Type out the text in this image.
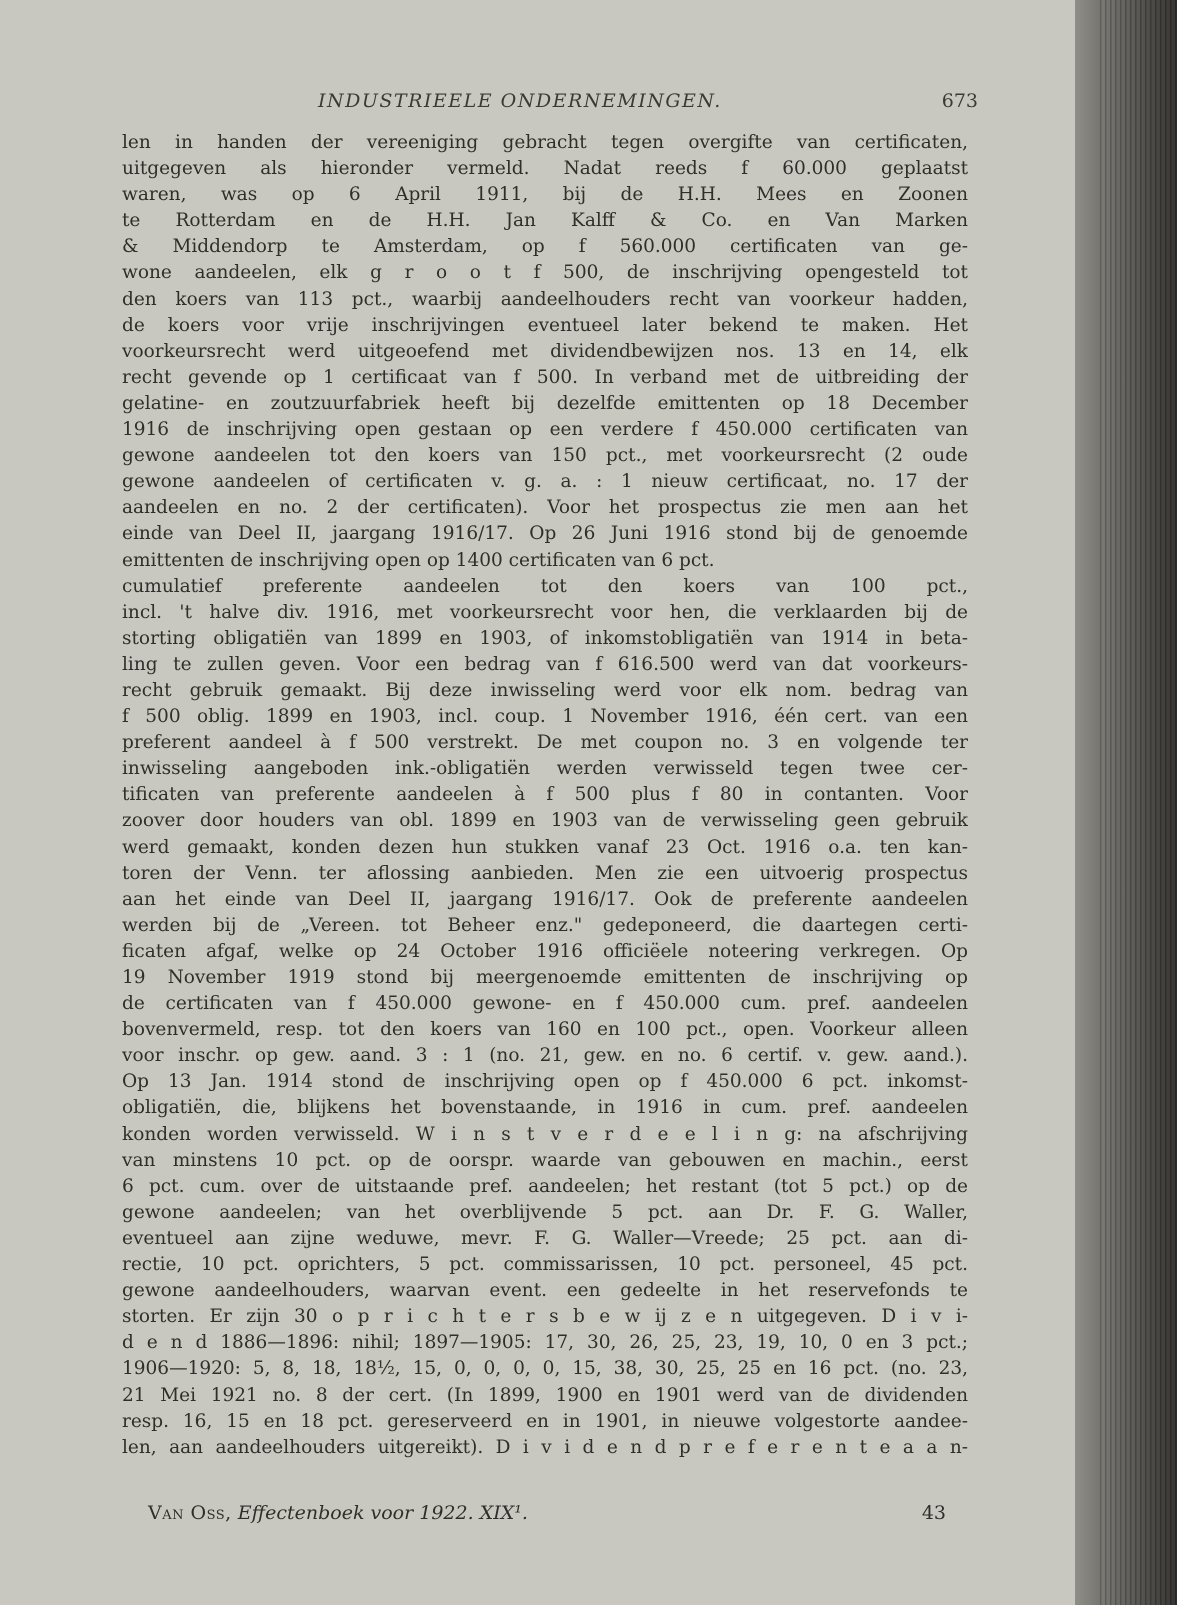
INDUSTRIEELE ONDERNEMINGEN.	673
len in handen der vereeniging gebracht tegen overgifte van certificaten,
uitgegeven als hieronder vermeld. Nadat reeds f 60.000 geplaatst
waren, was op 6 April 1911, bij de H.H. Mees en Zoonen
te Rotterdam en de H.H. Jan Kalff & Co. en Van Marken
& Middendorp te Amsterdam, op f 560.000 certificaten van ge-
wone aandeelen, elk g r o o t f 500, de inschrijving opengesteld tot
den koers van 113 pct., waarbij aandeelhouders recht van voorkeur hadden,
de koers voor vrije inschrijvingen eventueel later bekend te maken. Het
voorkeursrecht werd uitgeoefend met dividendbewijzen nos. 13 en 14, elk
recht gevende op 1 certificaat van f 500. In verband met de uitbreiding der
gelatine- en zoutzuurfabriek heeft bij dezelfde emittenten op 18 December
1916 de inschrijving open gestaan op een verdere f 450.000 certificaten van
gewone aandeelen tot den koers van 150 pct., met voorkeursrecht (2 oude
gewone aandeelen of certificaten v. g. a. : 1 nieuw certificaat, no. 17 der
aandeelen en no. 2 der certificaten). Voor het prospectus zie men aan het
einde van Deel II, jaargang 1916/17. Op 26 Juni 1916 stond bij de genoemde
emittenten de inschrijving open op 1400 certificaten van 6 pct.
cumulatief preferente aandeelen tot den koers van 100 pct.,
incl. 't halve div. 1916, met voorkeursrecht voor hen, die verklaarden bij de
storting obligatiën van 1899 en 1903, of inkomstobligatiën van 1914 in beta-
ling te zullen geven. Voor een bedrag van f 616.500 werd van dat voorkeurs-
recht gebruik gemaakt. Bij deze inwisseling werd voor elk nom. bedrag van
f 500 oblig. 1899 en 1903, incl. coup. 1 November 1916, één cert. van een
preferent aandeel à f 500 verstrekt. De met coupon no. 3 en volgende ter
inwisseling aangeboden ink.-obligatiën werden verwisseld tegen twee cer-
tificaten van preferente aandeelen à f 500 plus f 80 in contanten. Voor
zoover door houders van obl. 1899 en 1903 van de verwisseling geen gebruik
werd gemaakt, konden dezen hun stukken vanaf 23 Oct. 1916 o.a. ten kan-
toren der Venn. ter aflossing aanbieden. Men zie een uitvoerig prospectus
aan het einde van Deel II, jaargang 1916/17. Ook de preferente aandeelen
werden bij de „Vereen. tot Beheer enz." gedeponeerd, die daartegen certi-
ficaten afgaf, welke op 24 October 1916 officiëele noteering verkregen. Op
19 November 1919 stond bij meergenoemde emittenten de inschrijving op
de certificaten van f 450.000 gewone- en f 450.000 cum. pref. aandeelen
bovenvermeld, resp. tot den koers van 160 en 100 pct., open. Voorkeur alleen
voor inschr. op gew. aand. 3 : 1 (no. 21, gew. en no. 6 certif. v. gew. aand.).
Op 13 Jan. 1914 stond de inschrijving open op f 450.000 6 pct. inkomst-
obligatiën, die, blijkens het bovenstaande, in 1916 in cum. pref. aandeelen
konden worden verwisseld. W i n s t v e r d e e l i n g: na afschrijving
van minstens 10 pct. op de oorspr. waarde van gebouwen en machin., eerst
6 pct. cum. over de uitstaande pref. aandeelen; het restant (tot 5 pct.) op de
gewone aandeelen; van het overblijvende 5 pct. aan Dr. F. G. Waller,
eventueel aan zijne weduwe, mevr. F. G. Waller—Vreede; 25 pct. aan di-
rectie, 10 pct. oprichters, 5 pct. commissarissen, 10 pct. personeel, 45 pct.
gewone aandeelhouders, waarvan event. een gedeelte in het reservefonds te
storten. Er zijn 30 o p r i c h t e r s b e w ij z e n uitgegeven. D i v i-
d e n d 1886—1896: nihil; 1897—1905: 17, 30, 26, 25, 23, 19, 10, 0 en 3 pct.;
1906—1920: 5, 8, 18, 18½, 15, 0, 0, 0, 0, 15, 38, 30, 25, 25 en 16 pct. (no. 23,
21 Mei 1921 no. 8 der cert. (In 1899, 1900 en 1901 werd van de dividenden
resp. 16, 15 en 18 pct. gereserveerd en in 1901, in nieuwe volgestorte aandee-
len, aan aandeelhouders uitgereikt). D i v i d e n d p r e f e r e n t e a a n-
Van Oss, Effectenboek voor 1922. XIX¹.	43
